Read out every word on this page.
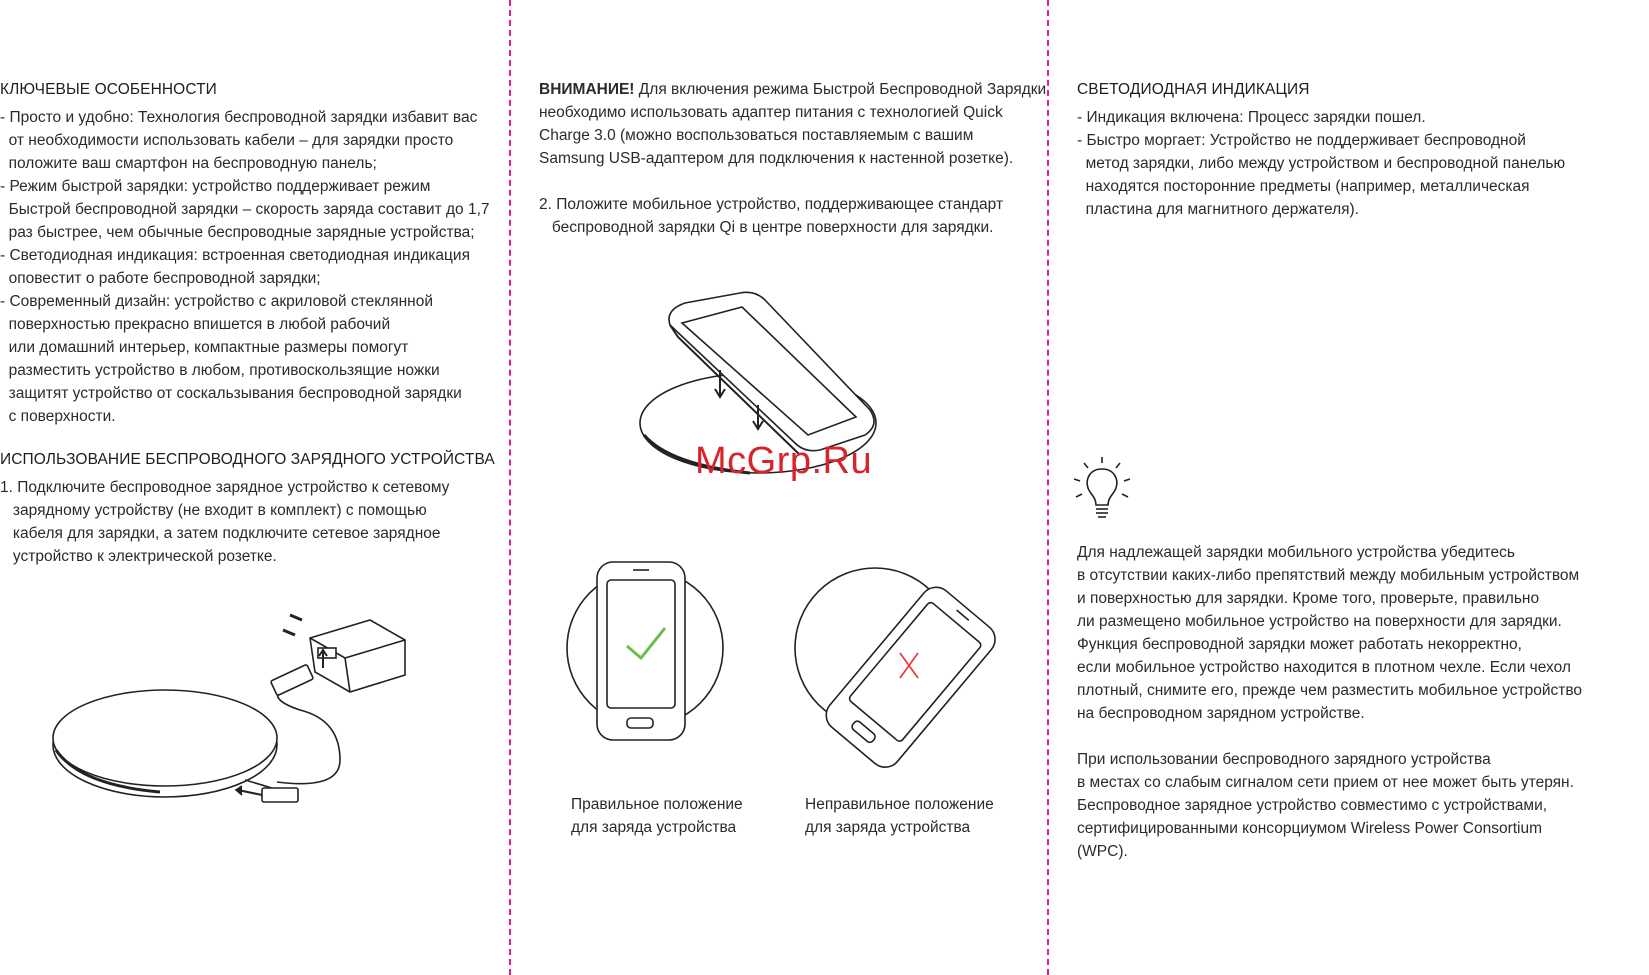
КЛЮЧЕВЫЕ ОСОБЕННОСТИ
- Просто и удобно: Технология беспроводной зарядки избавит вас
от необходимости использовать кабели – для зарядки просто
положите ваш смартфон на беспроводную панель;
- Режим быстрой зарядки: устройство поддерживает режим
Быстрой беспроводной зарядки – скорость заряда составит до 1,7
раз быстрее, чем обычные беспроводные зарядные устройства;
- Светодиодная индикация: встроенная светодиодная индикация
оповестит о работе беспроводной зарядки;
- Современный дизайн: устройство с акриловой стеклянной
поверхностью прекрасно впишется в любой рабочий
или домашний интерьер, компактные размеры помогут
разместить устройство в любом, противоскользящие ножки
защитят устройство от соскальзывания беспроводной зарядки
с поверхности.
ИСПОЛЬЗОВАНИЕ БЕСПРОВОДНОГО ЗАРЯДНОГО УСТРОЙСТВА
1. Подключите беспроводное зарядное устройство к сетевому
зарядному устройству (не входит в комплект) с помощью
кабеля для зарядки, а затем подключите сетевое зарядное
устройство к электрической розетке.

ВНИМАНИЕ! Для включения режима Быстрой Беспроводной Зарядки

необходимо использовать адаптер питания с технологией Quick

Charge 3.0 (можно воспользоваться поставляемым с вашим

Samsung USB-адаптером для подключения к настенной розетке).

2. Положите мобильное устройство, поддерживающее стандарт

беспроводной зарядки Qi в центре поверхности для зарядки.

McGrp.Ru
Правильное положение
для заряда устройства
Неправильное положение
для заряда устройства
СВЕТОДИОДНАЯ ИНДИКАЦИЯ
- Индикация включена: Процесс зарядки пошел.
- Быстро моргает: Устройство не поддерживает беспроводной
метод зарядки, либо между устройством и беспроводной панелью
находятся посторонние предметы (например, металлическая
пластина для магнитного держателя).

Для надлежащей зарядки мобильного устройства убедитесь

в отсутствии каких-либо препятствий между мобильным устройством

и поверхностью для зарядки. Кроме того, проверьте, правильно

ли размещено мобильное устройство на поверхности для зарядки.

Функция беспроводной зарядки может работать некорректно,

если мобильное устройство находится в плотном чехле. Если чехол

плотный, снимите его, прежде чем разместить мобильное устройство

на беспроводном зарядном устройстве.

При использовании беспроводного зарядного устройства

в местах со слабым сигналом сети прием от нее может быть утерян.

Беспроводное зарядное устройство совместимо с устройствами,

сертифицированными консорциумом Wireless Power Consortium

(WPC).
